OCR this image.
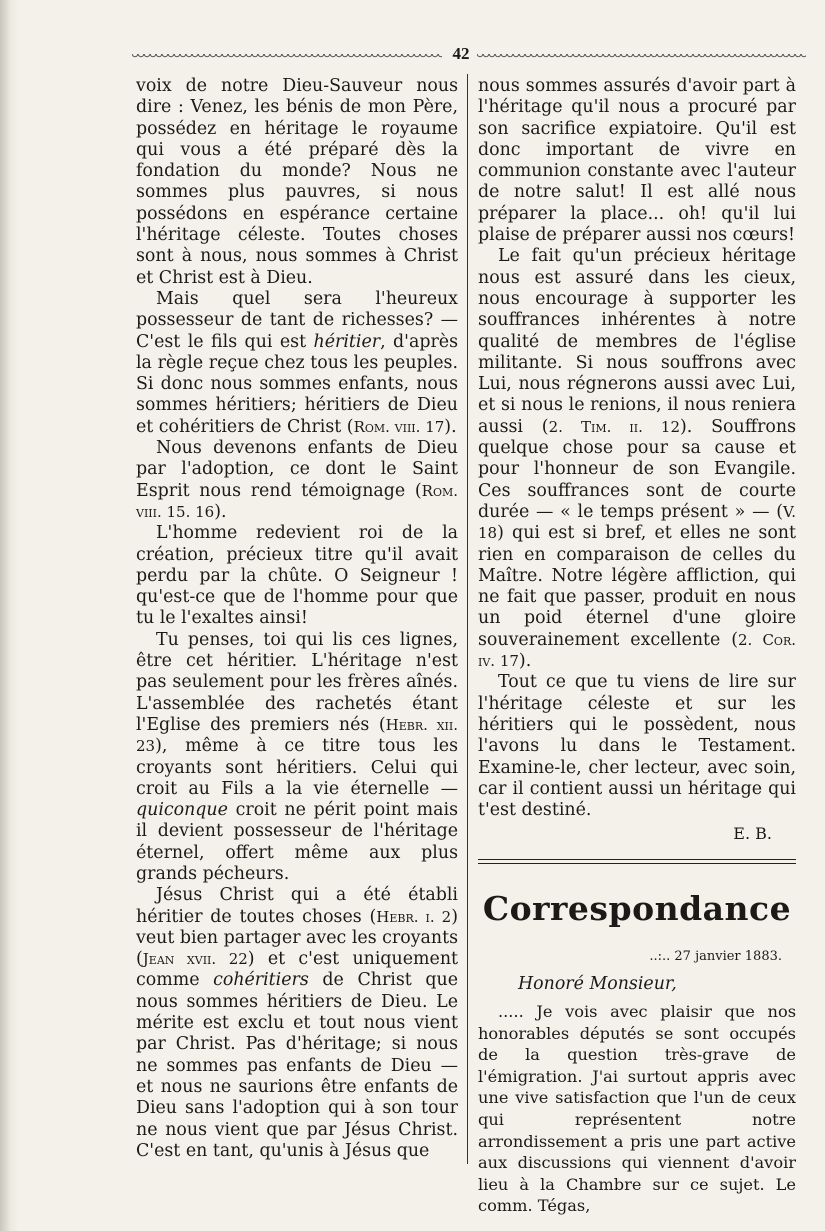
42

voix de notre Dieu-Sauveur nous dire : Venez, les bénis de mon Père, possédez en héritage le royaume qui vous a été préparé dès la fondation du monde? Nous ne sommes plus pauvres, si nous possédons en espérance certaine l'héritage céleste. Toutes choses sont à nous, nous sommes à Christ et Christ est à Dieu.

Mais quel sera l'heureux possesseur de tant de richesses? — C'est le fils qui est héritier, d'après la règle reçue chez tous les peuples. Si donc nous sommes enfants, nous sommes héritiers; héritiers de Dieu et cohéritiers de Christ (Rom. viii. 17).

Nous devenons enfants de Dieu par l'adoption, ce dont le Saint Esprit nous rend témoignage (Rom. viii. 15. 16).

L'homme redevient roi de la création, précieux titre qu'il avait perdu par la chûte. O Seigneur ! qu'est-ce que de l'homme pour que tu le l'exaltes ainsi!

Tu penses, toi qui lis ces lignes, être cet héritier. L'héritage n'est pas seulement pour les frères aînés. L'assemblée des rachetés étant l'Eglise des premiers nés (Hebr. xii. 23), même à ce titre tous les croyants sont héritiers. Celui qui croit au Fils a la vie éternelle — quiconque croit ne périt point mais il devient possesseur de l'héritage éternel, offert même aux plus grands pécheurs.

Jésus Christ qui a été établi héritier de toutes choses (Hebr. i. 2) veut bien partager avec les croyants (Jean xvii. 22) et c'est uniquement comme cohéritiers de Christ que nous sommes héritiers de Dieu. Le mérite est exclu et tout nous vient par Christ. Pas d'héritage; si nous ne sommes pas enfants de Dieu — et nous ne saurions être enfants de Dieu sans l'adoption qui à son tour ne nous vient que par Jésus Christ. C'est en tant, qu'unis à Jésus que

nous sommes assurés d'avoir part à l'héritage qu'il nous a procuré par son sacrifice expiatoire. Qu'il est donc important de vivre en communion constante avec l'auteur de notre salut! Il est allé nous préparer la place... oh! qu'il lui plaise de préparer aussi nos cœurs!

Le fait qu'un précieux héritage nous est assuré dans les cieux, nous encourage à supporter les souffrances inhérentes à notre qualité de membres de l'église militante. Si nous souffrons avec Lui, nous régnerons aussi avec Lui, et si nous le renions, il nous reniera aussi (2. Tim. ii. 12). Souffrons quelque chose pour sa cause et pour l'honneur de son Evangile. Ces souffrances sont de courte durée — « le temps présent » — (V. 18) qui est si bref, et elles ne sont rien en comparaison de celles du Maître. Notre légère affliction, qui ne fait que passer, produit en nous un poid éternel d'une gloire souverainement excellente (2. Cor. iv. 17).

Tout ce que tu viens de lire sur l'héritage céleste et sur les héritiers qui le possèdent, nous l'avons lu dans le Testament. Examine-le, cher lecteur, avec soin, car il contient aussi un héritage qui t'est destiné.

E. B.
Correspondance
..:.. 27 janvier 1883.
Honoré Monsieur,

..... Je vois avec plaisir que nos honorables députés se sont occupés de la question très-grave de l'émigration. J'ai surtout appris avec une vive satisfaction que l'un de ceux qui représentent notre arrondissement a pris une part active aux discussions qui viennent d'avoir lieu à la Chambre sur ce sujet. Le comm. Tégas,
